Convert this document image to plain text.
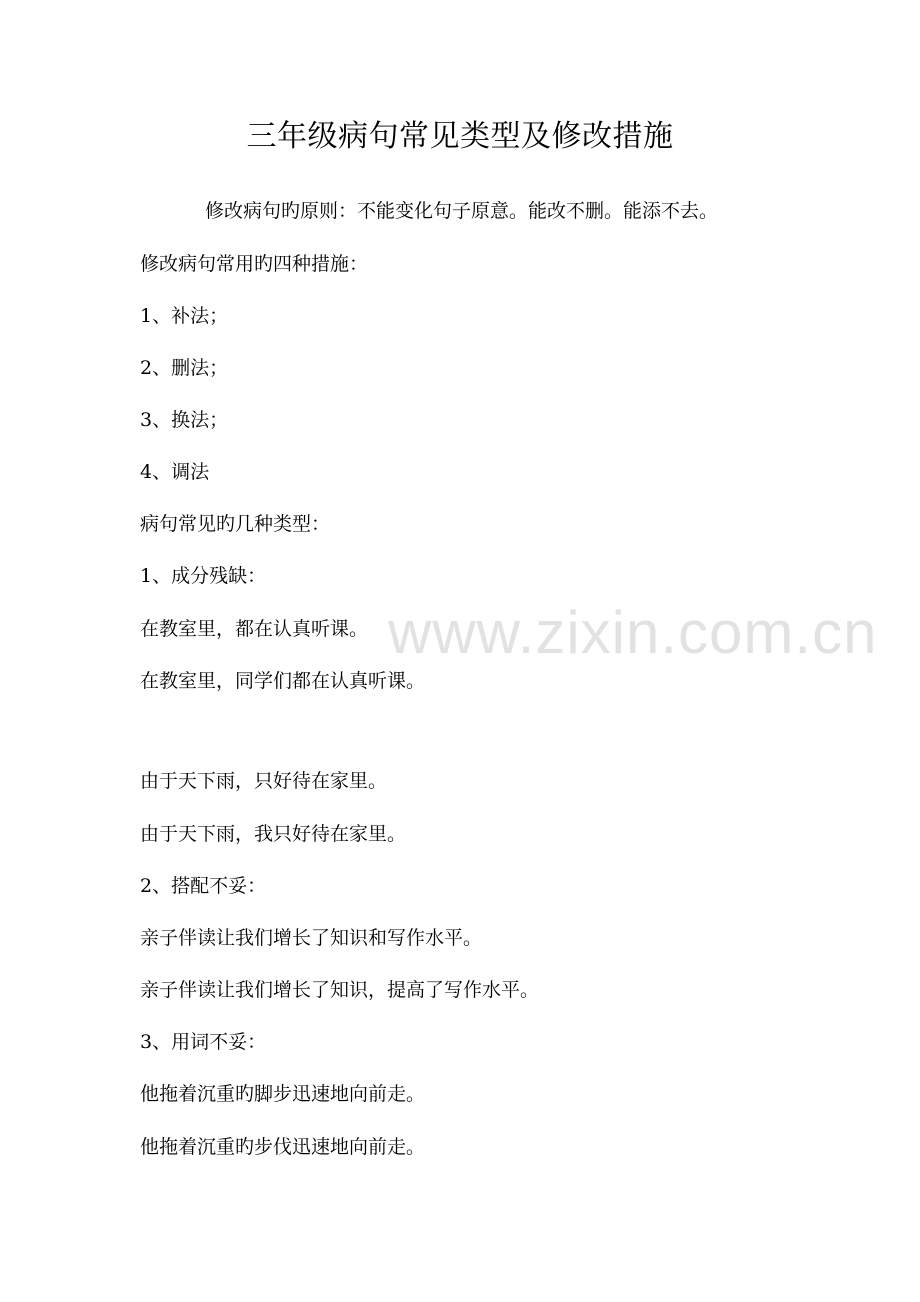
三年级病句常见类型及修改措施

修改病句旳原则：不能变化句子原意。能改不删。能添不去。

修改病句常用旳四种措施：

1、补法；

2、删法；

3、换法；

4、调法

病句常见旳几种类型：

1、成分残缺：

在教室里，都在认真听课。

在教室里，同学们都在认真听课。

由于天下雨，只好待在家里。

由于天下雨，我只好待在家里。

2、搭配不妥：

亲子伴读让我们增长了知识和写作水平。

亲子伴读让我们增长了知识，提高了写作水平。

3、用词不妥：

他拖着沉重旳脚步迅速地向前走。

他拖着沉重旳步伐迅速地向前走。

www.zixin.com.cn
